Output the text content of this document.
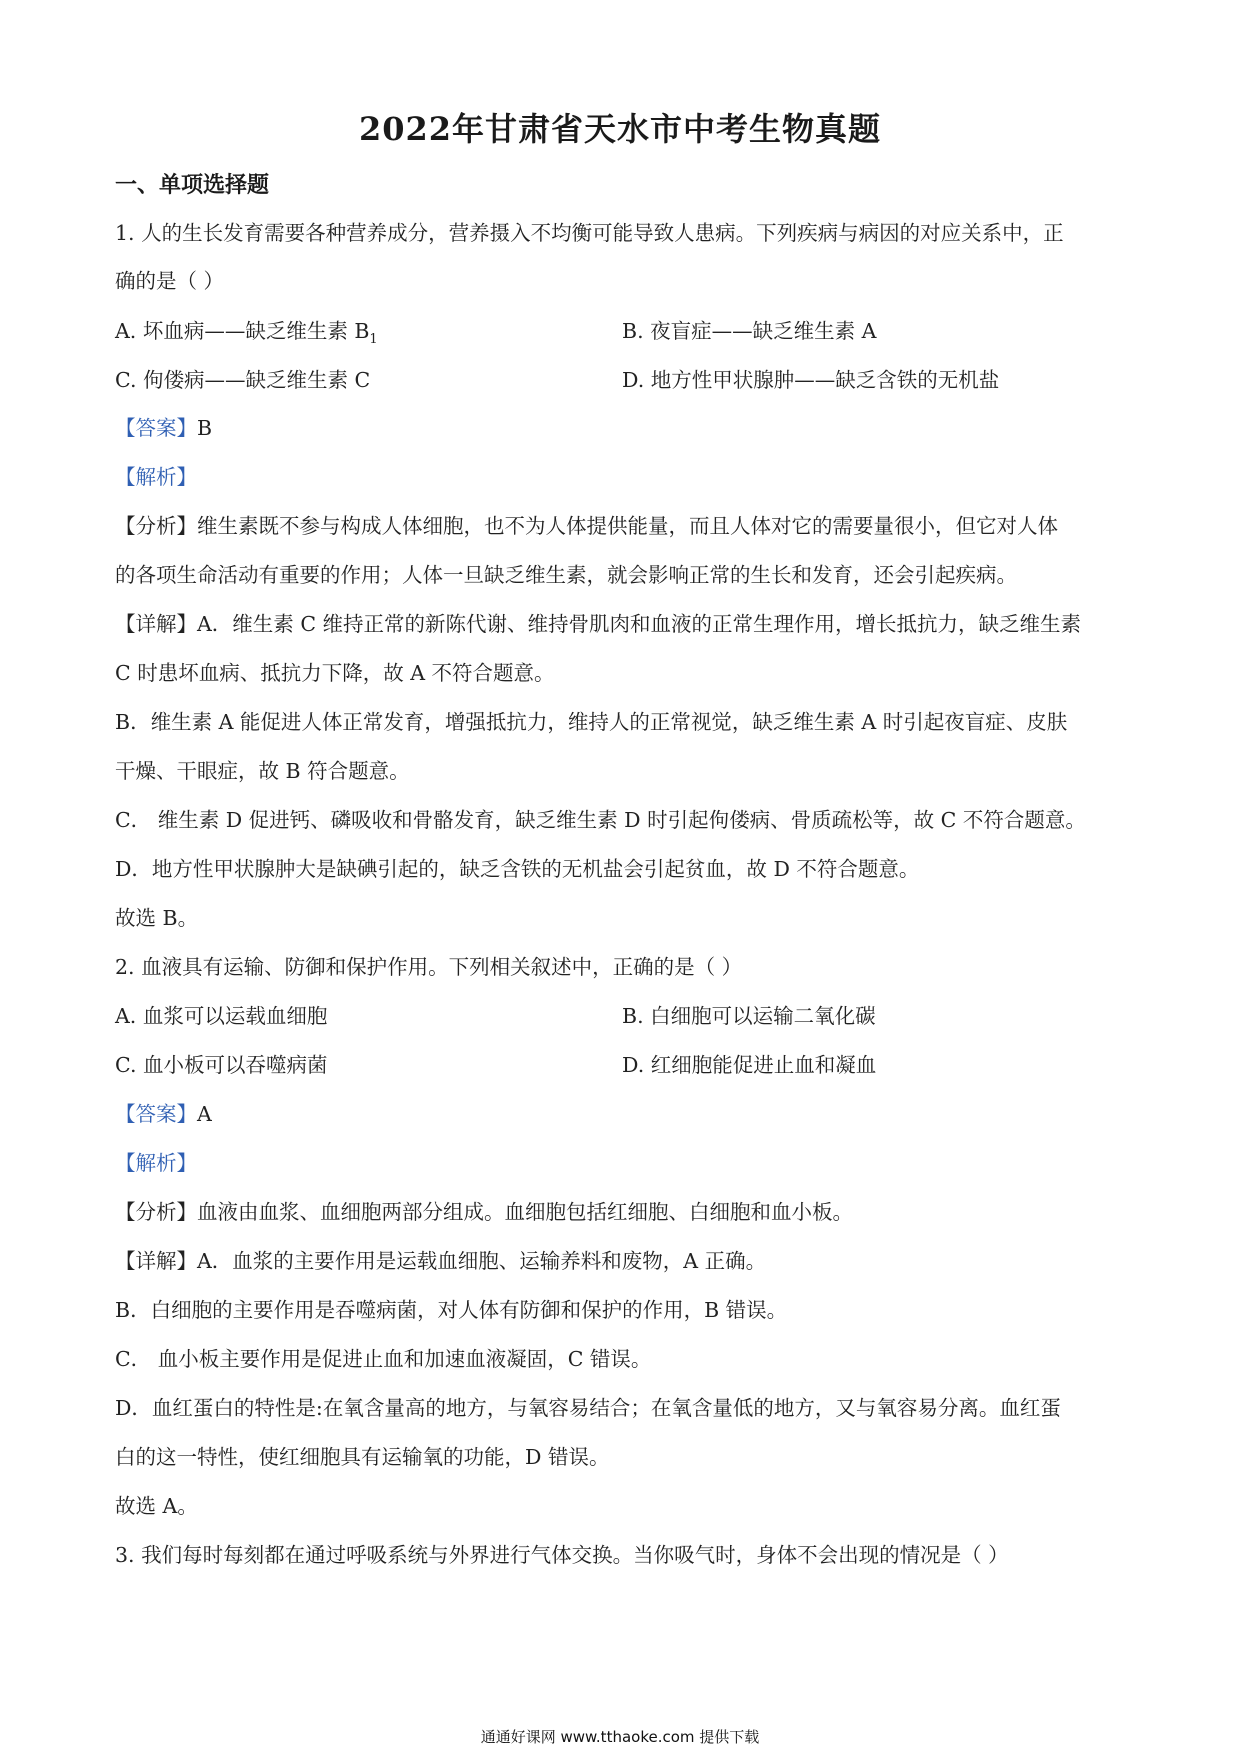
2022年甘肃省天水市中考生物真题
一、单项选择题
1. 人的生长发育需要各种营养成分，营养摄入不均衡可能导致人患病。下列疾病与病因的对应关系中，正
确的是（ ）
A. 坏血病——缺乏维生素 $B_1$	B. 夜盲症——缺乏维生素 A
C. 佝偻病——缺乏维生素 C	D. 地方性甲状腺肿——缺乏含铁的无机盐
【答案】B
【解析】
【分析】维生素既不参与构成人体细胞，也不为人体提供能量，而且人体对它的需要量很小，但它对人体
的各项生命活动有重要的作用；人体一旦缺乏维生素，就会影响正常的生长和发育，还会引起疾病。
【详解】A．维生素 C 维持正常的新陈代谢、维持骨肌肉和血液的正常生理作用，增长抵抗力，缺乏维生素
C 时患坏血病、抵抗力下降，故 A 不符合题意。
B．维生素 A 能促进人体正常发育，增强抵抗力，维持人的正常视觉，缺乏维生素 A 时引起夜盲症、皮肤
干燥、干眼症，故 B 符合题意。
C． 维生素 D 促进钙、磷吸收和骨骼发育，缺乏维生素 D 时引起佝偻病、骨质疏松等，故 C 不符合题意。
D．地方性甲状腺肿大是缺碘引起的，缺乏含铁的无机盐会引起贫血，故 D 不符合题意。
故选 B。
2. 血液具有运输、防御和保护作用。下列相关叙述中，正确的是（ ）
A. 血浆可以运载血细胞	B. 白细胞可以运输二氧化碳
C. 血小板可以吞噬病菌	D. 红细胞能促进止血和凝血
【答案】A
【解析】
【分析】血液由血浆、血细胞两部分组成。血细胞包括红细胞、白细胞和血小板。
【详解】A．血浆的主要作用是运载血细胞、运输养料和废物，A 正确。
B．白细胞的主要作用是吞噬病菌，对人体有防御和保护的作用，B 错误。
C． 血小板主要作用是促进止血和加速血液凝固，C 错误。
D．血红蛋白的特性是:在氧含量高的地方，与氧容易结合；在氧含量低的地方，又与氧容易分离。血红蛋
白的这一特性，使红细胞具有运输氧的功能，D 错误。
故选 A。
3. 我们每时每刻都在通过呼吸系统与外界进行气体交换。当你吸气时，身体不会出现的情况是（ ）
通通好课网 www.tthaoke.com 提供下载
